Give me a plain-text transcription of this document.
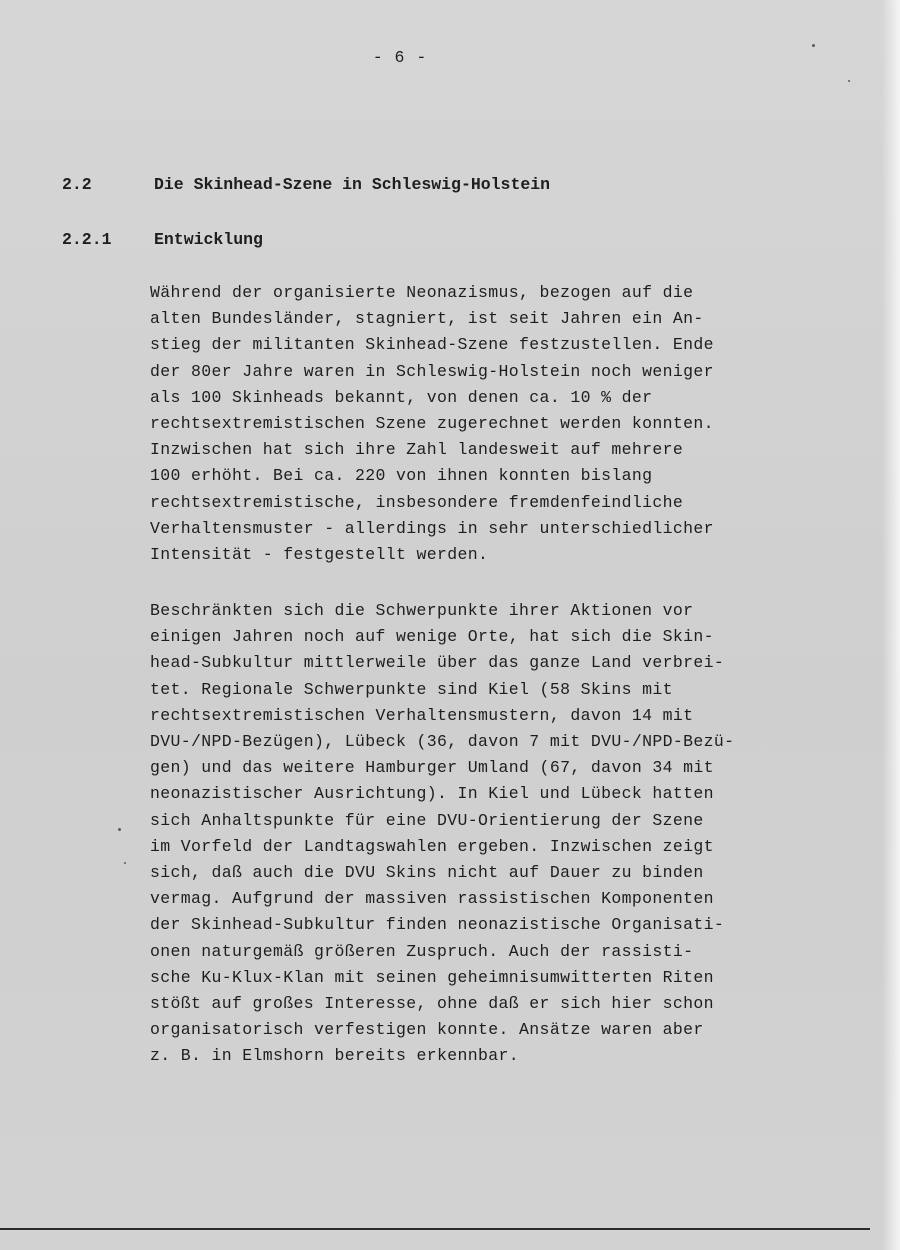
- 6 -
2.2	Die Skinhead-Szene in Schleswig-Holstein
2.2.1	Entwicklung
Während der organisierte Neonazismus, bezogen auf die
alten Bundesländer, stagniert, ist seit Jahren ein An-
stieg der militanten Skinhead-Szene festzustellen. Ende
der 80er Jahre waren in Schleswig-Holstein noch weniger
als 100 Skinheads bekannt, von denen ca. 10 % der
rechtsextremistischen Szene zugerechnet werden konnten.
Inzwischen hat sich ihre Zahl landesweit auf mehrere
100 erhöht. Bei ca. 220 von ihnen konnten bislang
rechtsextremistische, insbesondere fremdenfeindliche
Verhaltensmuster - allerdings in sehr unterschiedlicher
Intensität - festgestellt werden.
Beschränkten sich die Schwerpunkte ihrer Aktionen vor
einigen Jahren noch auf wenige Orte, hat sich die Skin-
head-Subkultur mittlerweile über das ganze Land verbrei-
tet. Regionale Schwerpunkte sind Kiel (58 Skins mit
rechtsextremistischen Verhaltensmustern, davon 14 mit
DVU-/NPD-Bezügen), Lübeck (36, davon 7 mit DVU-/NPD-Bezü-
gen) und das weitere Hamburger Umland (67, davon 34 mit
neonazistischer Ausrichtung). In Kiel und Lübeck hatten
sich Anhaltspunkte für eine DVU-Orientierung der Szene
im Vorfeld der Landtagswahlen ergeben. Inzwischen zeigt
sich, daß auch die DVU Skins nicht auf Dauer zu binden
vermag. Aufgrund der massiven rassistischen Komponenten
der Skinhead-Subkultur finden neonazistische Organisati-
onen naturgemäß größeren Zuspruch. Auch der rassisti-
sche Ku-Klux-Klan mit seinen geheimnisumwitterten Riten
stößt auf großes Interesse, ohne daß er sich hier schon
organisatorisch verfestigen konnte. Ansätze waren aber
z. B. in Elmshorn bereits erkennbar.
